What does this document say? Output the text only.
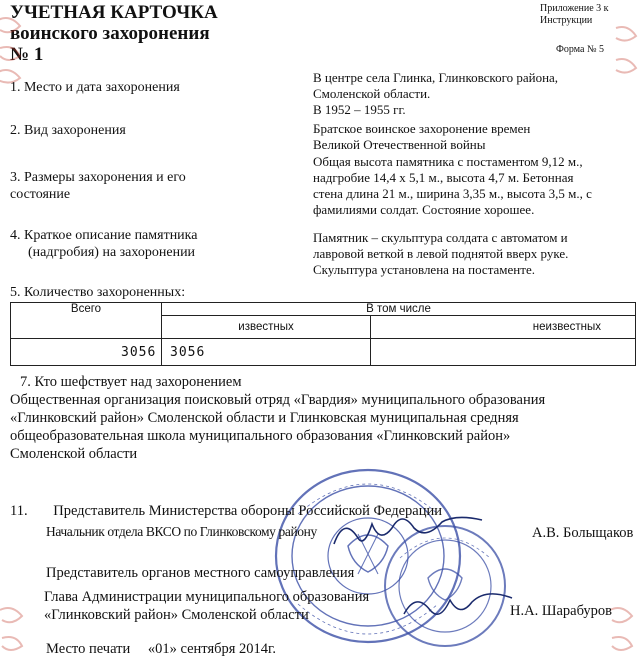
УЧЕТНАЯ КАРТОЧКА
воинского захоронения
№ 1
Приложение 3 к
Инструкции
Форма № 5
1. Место и дата захоронения
В центре села Глинка, Глинковского района,
Смоленской области.
В 1952 – 1955 гг.
2. Вид захоронения	Братское воинское захоронение времен
Великой Отечественной войны
3. Размеры захоронения и его
состояние
Общая высота памятника с постаментом 9,12 м.,
надгробие 14,4 х 5,1 м., высота 4,7 м. Бетонная
стена длина 21 м., ширина 3,35 м., высота 3,5 м., с
фамилиями солдат. Состояние хорошее.
4. Краткое описание памятника
(надгробия) на захоронении
Памятник – скульптура солдата с автоматом и
лавровой веткой в левой поднятой вверх руке.
Скульптура установлена на постаменте.
5. Количество захороненных:
Всего	В том числе	
	известных	неизвестных
3056	3056	
7. Кто шефствует над захоронением
Общественная организация поисковый отряд «Гвардия» муниципального образования
«Глинковский район» Смоленской области и Глинковская муниципальная средняя
общеобразовательная школа муниципального образования «Глинковский район»
Смоленской области
11. Представитель Министерства обороны Российской Федерации
Начальник отдела ВКСО по Глинковскому району	А.В. Болыщаков
Представитель органов местного самоуправления
Глава Администрации муниципального образования
«Глинковский район» Смоленской области	Н.А. Шарабуров
Место печати «01» сентября 2014г.
